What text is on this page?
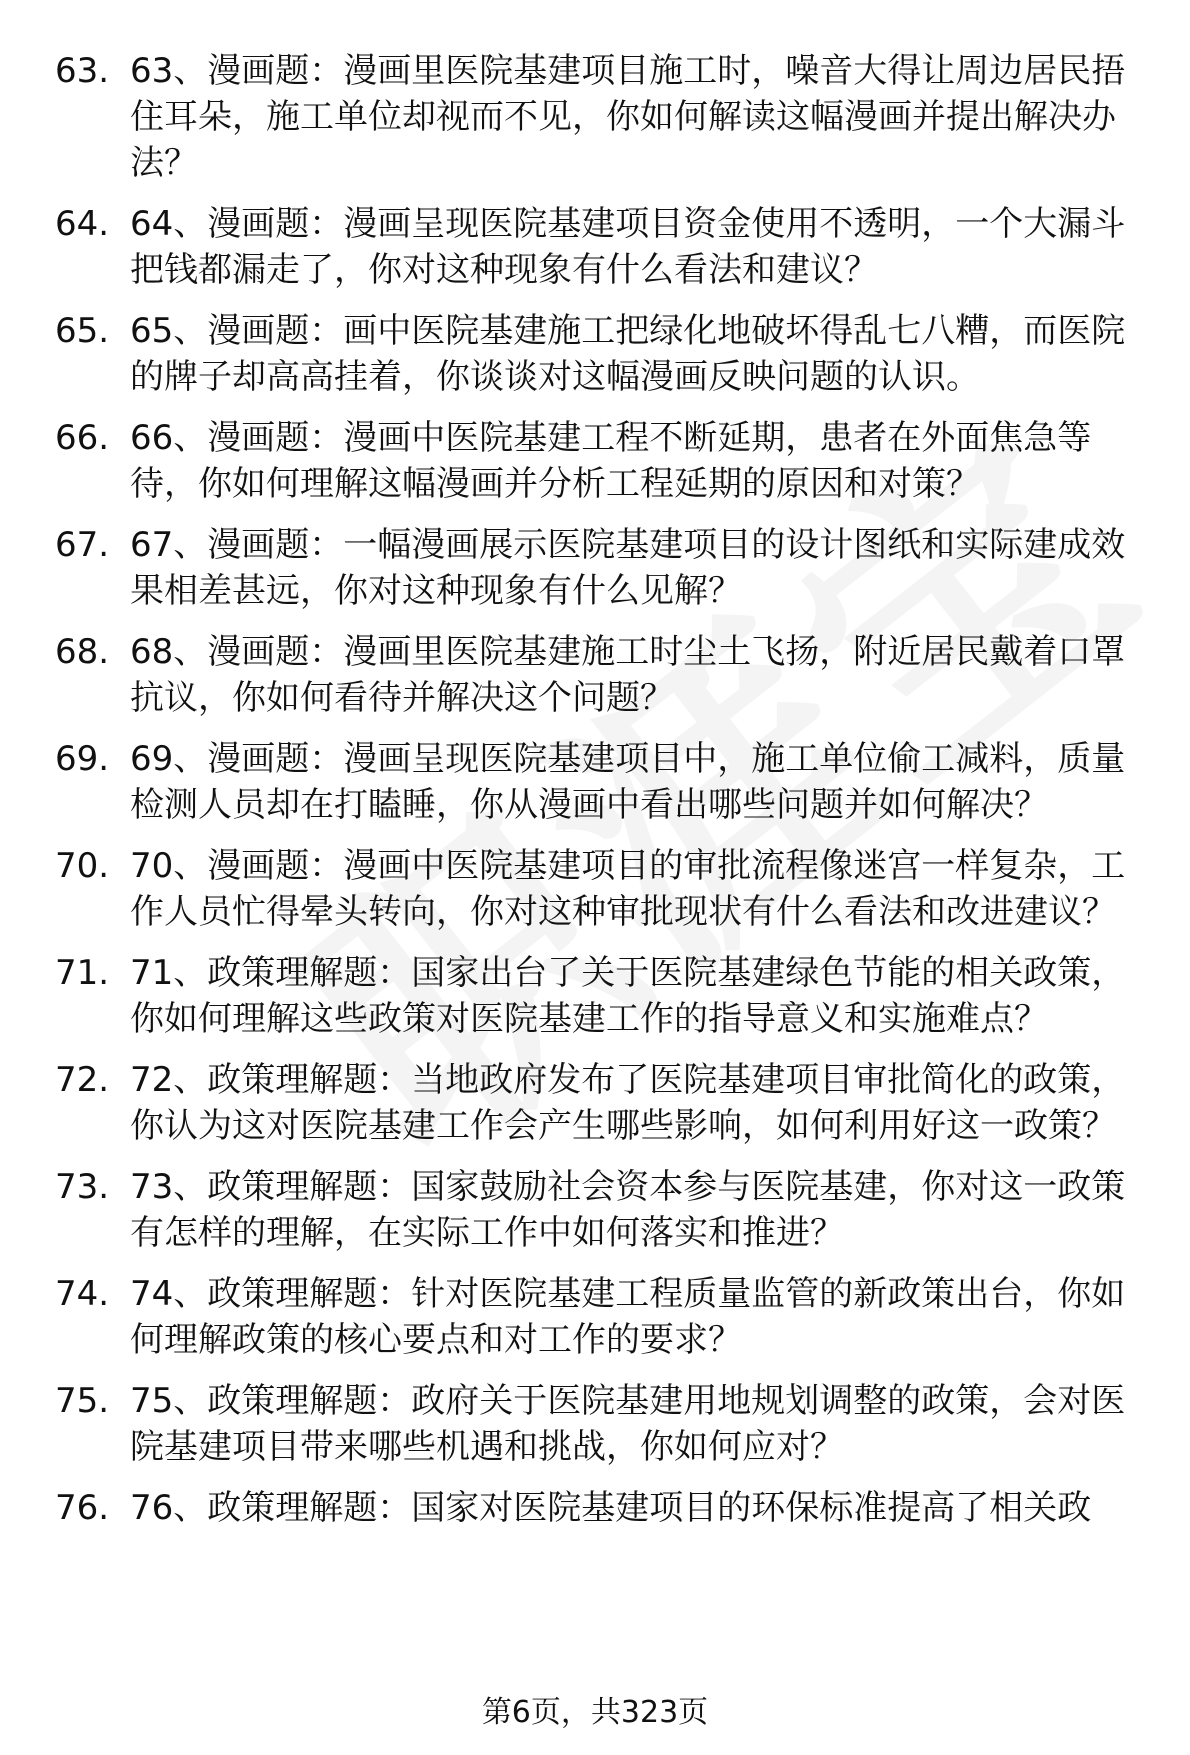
63. 63、漫画题：漫画里医院基建项目施工时，噪音大得让周边居民捂住耳朵，施工单位却视而不见，你如何解读这幅漫画并提出解决办法？
64. 64、漫画题：漫画呈现医院基建项目资金使用不透明，一个大漏斗把钱都漏走了，你对这种现象有什么看法和建议？
65. 65、漫画题：画中医院基建施工把绿化地破坏得乱七八糟，而医院的牌子却高高挂着，你谈谈对这幅漫画反映问题的认识。
66. 66、漫画题：漫画中医院基建工程不断延期，患者在外面焦急等待，你如何理解这幅漫画并分析工程延期的原因和对策？
67. 67、漫画题：一幅漫画展示医院基建项目的设计图纸和实际建成效果相差甚远，你对这种现象有什么见解？
68. 68、漫画题：漫画里医院基建施工时尘土飞扬，附近居民戴着口罩抗议，你如何看待并解决这个问题？
69. 69、漫画题：漫画呈现医院基建项目中，施工单位偷工减料，质量检测人员却在打瞌睡，你从漫画中看出哪些问题并如何解决？
70. 70、漫画题：漫画中医院基建项目的审批流程像迷宫一样复杂，工作人员忙得晕头转向，你对这种审批现状有什么看法和改进建议？
71. 71、政策理解题：国家出台了关于医院基建绿色节能的相关政策，你如何理解这些政策对医院基建工作的指导意义和实施难点？
72. 72、政策理解题：当地政府发布了医院基建项目审批简化的政策，你认为这对医院基建工作会产生哪些影响，如何利用好这一政策？
73. 73、政策理解题：国家鼓励社会资本参与医院基建，你对这一政策有怎样的理解，在实际工作中如何落实和推进？
74. 74、政策理解题：针对医院基建工程质量监管的新政策出台，你如何理解政策的核心要点和对工作的要求？
75. 75、政策理解题：政府关于医院基建用地规划调整的政策，会对医院基建项目带来哪些机遇和挑战，你如何应对？
76. 76、政策理解题：国家对医院基建项目的环保标准提高了相关政
第6页，共323页
